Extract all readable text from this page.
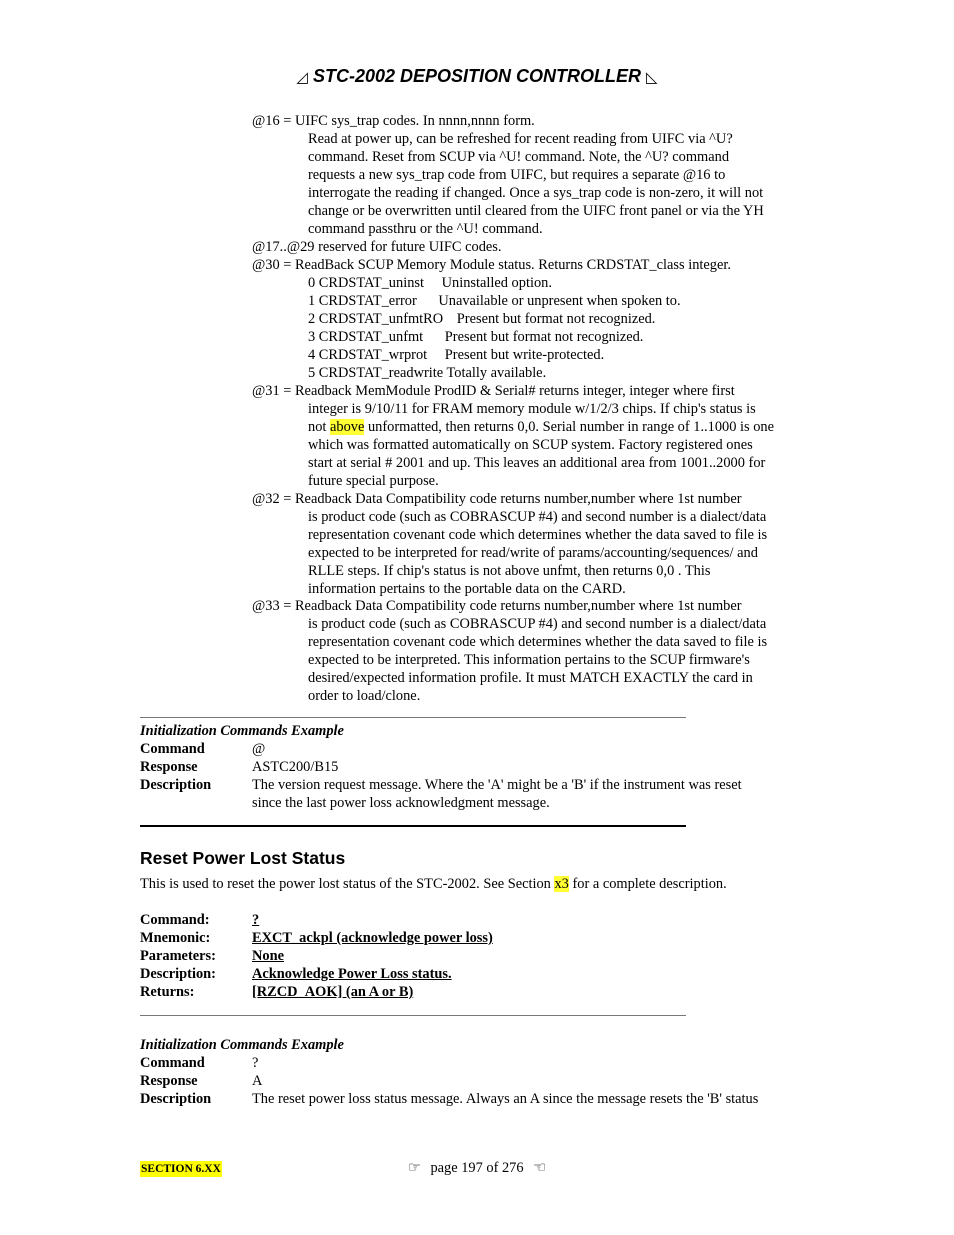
◿ STC-2002 DEPOSITION CONTROLLER ◺
@16 = UIFC sys_trap codes. In nnnn,nnnn form.
Read at power up, can be refreshed for recent reading from UIFC via ^U?
command. Reset from SCUP via ^U! command. Note, the ^U? command
requests a new sys_trap code from UIFC, but requires a separate @16 to
interrogate the reading if changed. Once a sys_trap code is non-zero, it will not
change or be overwritten until cleared from the UIFC front panel or via the YH
command passthru or the ^U! command.
@17..@29 reserved for future UIFC codes.
@30 = ReadBack SCUP Memory Module status. Returns CRDSTAT_class integer.
0 CRDSTAT_uninst Uninstalled option.
1 CRDSTAT_error Unavailable or unpresent when spoken to.
2 CRDSTAT_unfmtRO Present but format not recognized.
3 CRDSTAT_unfmt Present but format not recognized.
4 CRDSTAT_wrprot Present but write-protected.
5 CRDSTAT_readwrite Totally available.
@31 = Readback MemModule ProdID & Serial# returns integer, integer where first
integer is 9/10/11 for FRAM memory module w/1/2/3 chips. If chip's status is
not above unformatted, then returns 0,0. Serial number in range of 1..1000 is one
which was formatted automatically on SCUP system. Factory registered ones
start at serial # 2001 and up. This leaves an additional area from 1001..2000 for
future special purpose.
@32 = Readback Data Compatibility code returns number,number where 1st number
is product code (such as COBRASCUP #4) and second number is a dialect/data
representation covenant code which determines whether the data saved to file is
expected to be interpreted for read/write of params/accounting/sequences/ and
RLLE steps. If chip's status is not above unfmt, then returns 0,0 . This
information pertains to the portable data on the CARD.
@33 = Readback Data Compatibility code returns number,number where 1st number
is product code (such as COBRASCUP #4) and second number is a dialect/data
representation covenant code which determines whether the data saved to file is
expected to be interpreted. This information pertains to the SCUP firmware's
desired/expected information profile. It must MATCH EXACTLY the card in
order to load/clone.
Initialization Commands Example
Command	@
Response	ASTC200/B15
Description	The version request message. Where the 'A' might be a 'B' if the instrument was reset
since the last power loss acknowledgment message.
Reset Power Lost Status
This is used to reset the power lost status of the STC-2002. See Section x3 for a complete description.
Command:	?
Mnemonic:	EXCT_ackpl (acknowledge power loss)
Parameters:	None
Description:	Acknowledge Power Loss status.
Returns:	[RZCD_AOK] (an A or B)
Initialization Commands Example
Command	?
Response	A
Description	The reset power loss status message. Always an A since the message resets the 'B' status
SECTION 6.XX	☞ page 197 of 276 ☜
